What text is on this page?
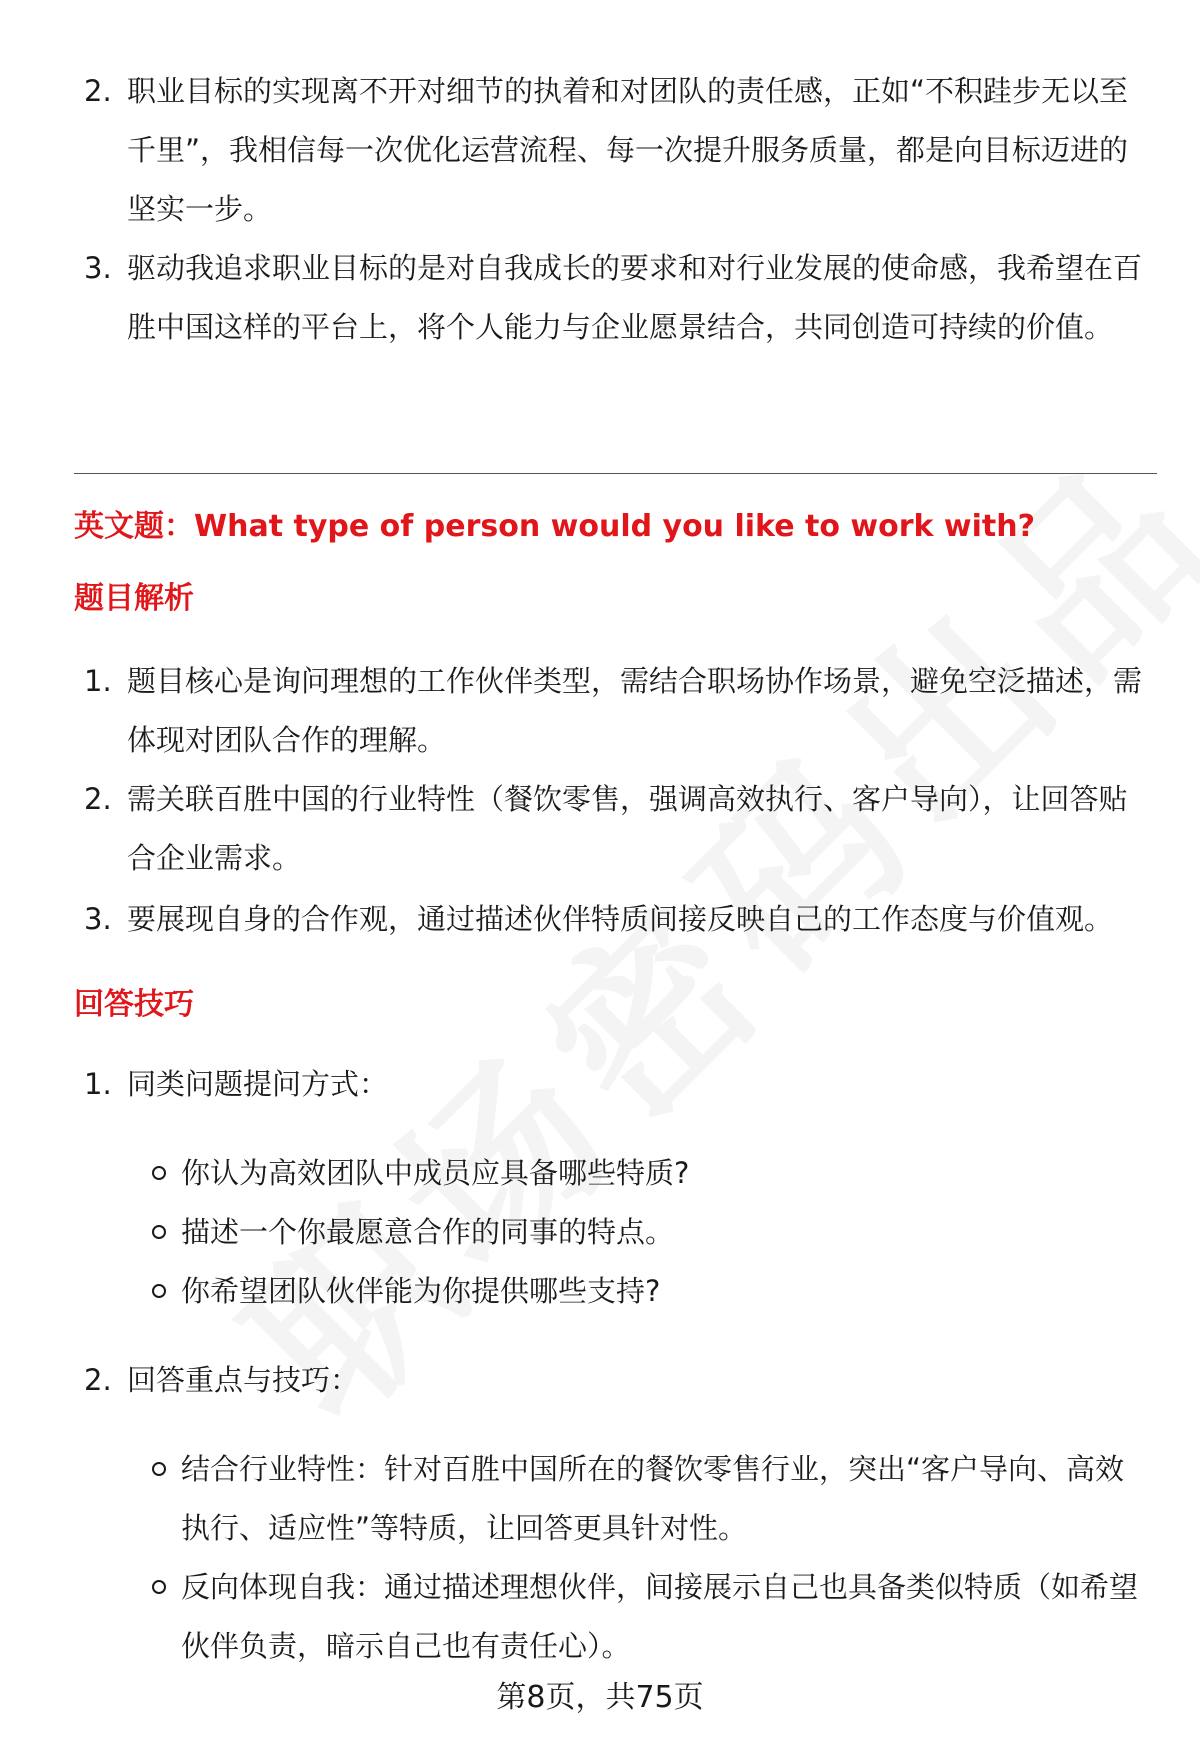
2. 职业目标的实现离不开对细节的执着和对团队的责任感，正如“不积跬步无以至千里”，我相信每一次优化运营流程、每一次提升服务质量，都是向目标迈进的坚实一步。

3. 驱动我追求职业目标的是对自我成长的要求和对行业发展的使命感，我希望在百胜中国这样的平台上，将个人能力与企业愿景结合，共同创造可持续的价值。

英文题：What type of person would you like to work with?
题目解析
1. 题目核心是询问理想的工作伙伴类型，需结合职场协作场景，避免空泛描述，需体现对团队合作的理解。

2. 需关联百胜中国的行业特性（餐饮零售，强调高效执行、客户导向），让回答贴合企业需求。

3. 要展现自身的合作观，通过描述伙伴特质间接反映自己的工作态度与价值观。

回答技巧
1. 同类问题提问方式：

你认为高效团队中成员应具备哪些特质?

描述一个你最愿意合作的同事的特点。

你希望团队伙伴能为你提供哪些支持?

2. 回答重点与技巧：

结合行业特性：针对百胜中国所在的餐饮零售行业，突出“客户导向、高效执行、适应性”等特质，让回答更具针对性。

反向体现自我：通过描述理想伙伴，间接展示自己也具备类似特质（如希望伙伴负责，暗示自己也有责任心）。

第8页，共75页
